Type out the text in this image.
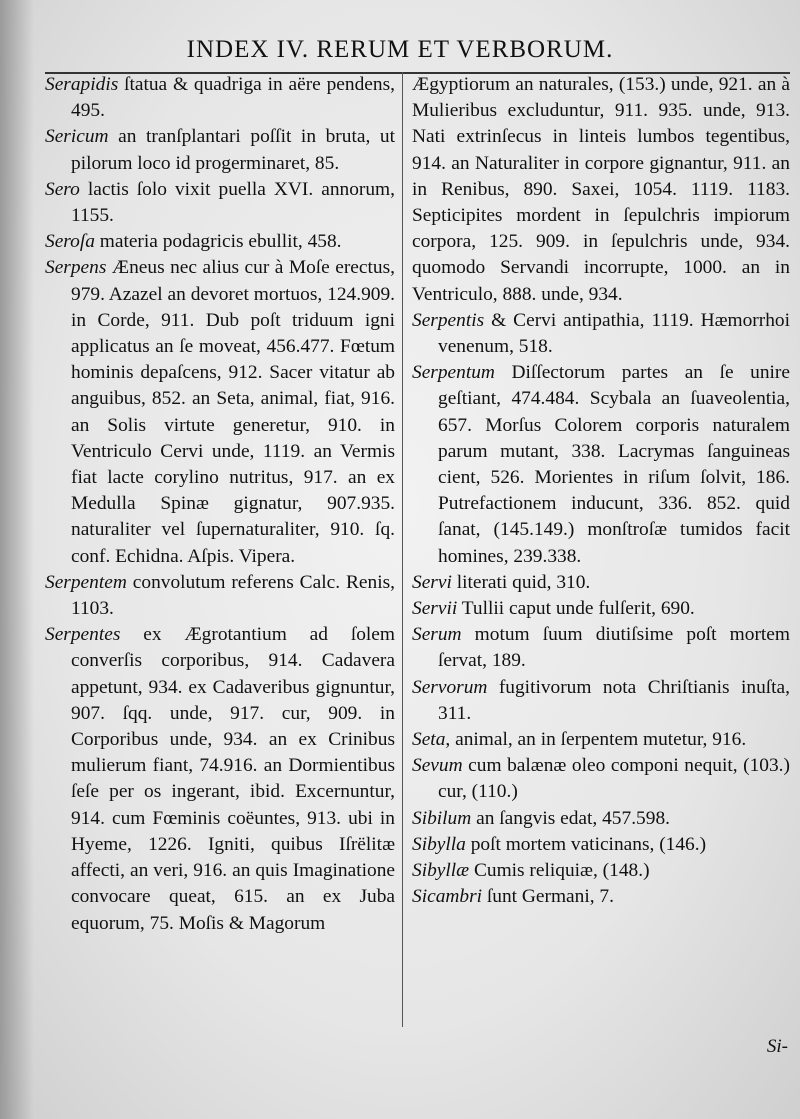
INDEX IV. RERUM ET VERBORUM.

Serapidis ſtatua & quadriga in aëre pendens, 495.

Sericum an tranſplantari poſſit in bruta, ut pilorum loco id progerminaret, 85.

Sero lactis ſolo vixit puella XVI. annorum, 1155.

Seroſa materia podagricis ebullit, 458.

Serpens Æneus nec alius cur à Moſe erectus, 979. Azazel an devoret mortuos, 124.909. in Corde, 911. Dub poſt triduum igni applicatus an ſe moveat, 456.477. Fœtum hominis depaſcens, 912. Sacer vitatur ab anguibus, 852. an Seta, animal, fiat, 916. an Solis virtute generetur, 910. in Ventriculo Cervi unde, 1119. an Vermis fiat lacte corylino nutritus, 917. an ex Medulla Spinæ gignatur, 907.935. naturaliter vel ſupernaturaliter, 910. ſq. conf. Echidna. Aſpis. Vipera.

Serpentem convolutum referens Calc. Renis, 1103.

Serpentes ex Ægrotantium ad ſolem converſis corporibus, 914. Cadavera appetunt, 934. ex Cadaveribus gignuntur, 907. ſqq. unde, 917. cur, 909. in Corporibus unde, 934. an ex Crinibus mulierum fiant, 74.916. an Dormientibus ſeſe per os ingerant, ibid. Excernuntur, 914. cum Fœminis coëuntes, 913. ubi in Hyeme, 1226. Igniti, quibus Iſrëlitæ affecti, an veri, 916. an quis Imaginatione convocare queat, 615. an ex Juba equorum, 75. Moſis & Magorum

Ægyptiorum an naturales, (153.) unde, 921. an à Mulieribus excluduntur, 911. 935. unde, 913. Nati extrinſecus in linteis lumbos tegentibus, 914. an Naturaliter in corpore gignantur, 911. an in Renibus, 890. Saxei, 1054. 1119. 1183. Septicipites mordent in ſepulchris impiorum corpora, 125. 909. in ſepulchris unde, 934. quomodo Servandi incorrupte, 1000. an in Ventriculo, 888. unde, 934.

Serpentis & Cervi antipathia, 1119. Hæmorrhoi venenum, 518.

Serpentum Diſſectorum partes an ſe unire geſtiant, 474.484. Scybala an ſuaveolentia, 657. Morſus Colorem corporis naturalem parum mutant, 338. Lacrymas ſanguineas cient, 526. Morientes in riſum ſolvit, 186. Putrefactionem inducunt, 336. 852. quid ſanat, (145.149.) monſtroſæ tumidos facit homines, 239.338.

Servi literati quid, 310.

Servii Tullii caput unde fulſerit, 690.

Serum motum ſuum diutiſsime poſt mortem ſervat, 189.

Servorum fugitivorum nota Chriſtianis inuſta, 311.

Seta, animal, an in ſerpentem mutetur, 916.

Sevum cum balænæ oleo componi nequit, (103.) cur, (110.)

Sibilum an ſangvis edat, 457.598.

Sibylla poſt mortem vaticinans, (146.)

Sibyllæ Cumis reliquiæ, (148.)

Sicambri ſunt Germani, 7.

Si-
